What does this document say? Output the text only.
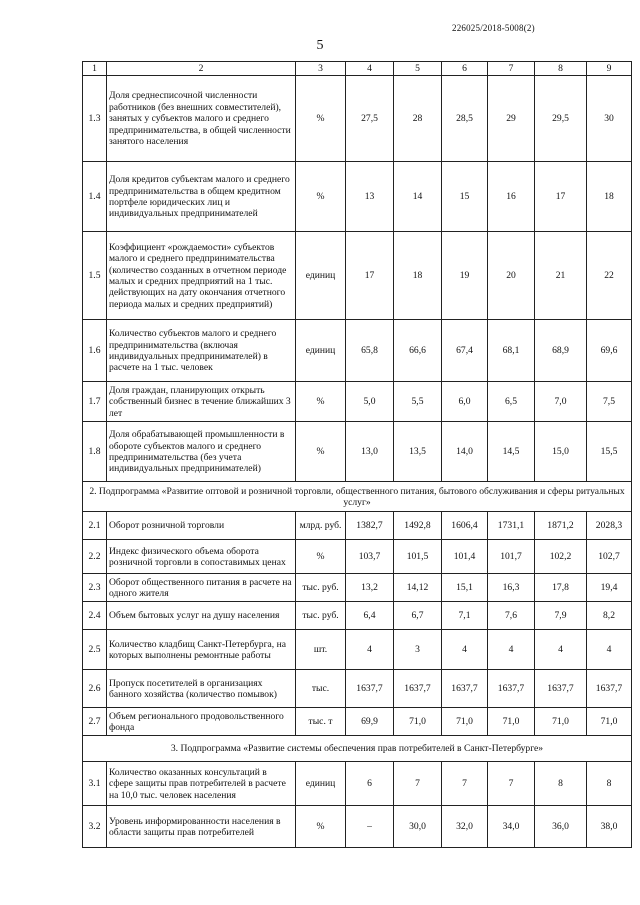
226025/2018-5008(2)
5
1	2	3	4	5	6	7	8	9
1.3	Доля среднесписочной численности работников (без внешних совместителей), занятых у субъектов малого и среднего предпринимательства, в общей численности занятого населения	%	27,5	28	28,5	29	29,5	30
1.4	Доля кредитов субъектам малого и среднего предпринимательства в общем кредитном портфеле юридических лиц и индивидуальных предпринимателей	%	13	14	15	16	17	18
1.5	Коэффициент «рождаемости» субъектов малого и среднего предпринимательства (количество созданных в отчетном периоде малых и средних предприятий на 1 тыс. действующих на дату окончания отчетного периода малых и средних предприятий)	единиц	17	18	19	20	21	22
1.6	Количество субъектов малого и среднего предпринимательства (включая индивидуальных предпринимателей) в расчете на 1 тыс. человек	единиц	65,8	66,6	67,4	68,1	68,9	69,6
1.7	Доля граждан, планирующих открыть собственный бизнес в течение ближайших 3 лет	%	5,0	5,5	6,0	6,5	7,0	7,5
1.8	Доля обрабатывающей промышленности в обороте субъектов малого и среднего предпринимательства (без учета индивидуальных предпринимателей)	%	13,0	13,5	14,0	14,5	15,0	15,5
2. Подпрограмма «Развитие оптовой и розничной торговли, общественного питания, бытового обслуживания и сферы ритуальных услуг»								
2.1	Оборот розничной торговли	млрд. руб.	1382,7	1492,8	1606,4	1731,1	1871,2	2028,3
2.2	Индекс физического объема оборота розничной торговли в сопоставимых ценах	%	103,7	101,5	101,4	101,7	102,2	102,7
2.3	Оборот общественного питания в расчете на одного жителя	тыс. руб.	13,2	14,12	15,1	16,3	17,8	19,4
2.4	Объем бытовых услуг на душу населения	тыс. руб.	6,4	6,7	7,1	7,6	7,9	8,2
2.5	Количество кладбищ Санкт-Петербурга, на которых выполнены ремонтные работы	шт.	4	3	4	4	4	4
2.6	Пропуск посетителей в организациях банного хозяйства (количество помывок)	тыс.	1637,7	1637,7	1637,7	1637,7	1637,7	1637,7
2.7	Объем регионального продовольственного фонда	тыс. т	69,9	71,0	71,0	71,0	71,0	71,0
3. Подпрограмма «Развитие системы обеспечения прав потребителей в Санкт-Петербурге»								
3.1	Количество оказанных консультаций в сфере защиты прав потребителей в расчете на 10,0 тыс. человек населения	единиц	6	7	7	7	8	8
3.2	Уровень информированности населения в области защиты прав потребителей	%	–	30,0	32,0	34,0	36,0	38,0
